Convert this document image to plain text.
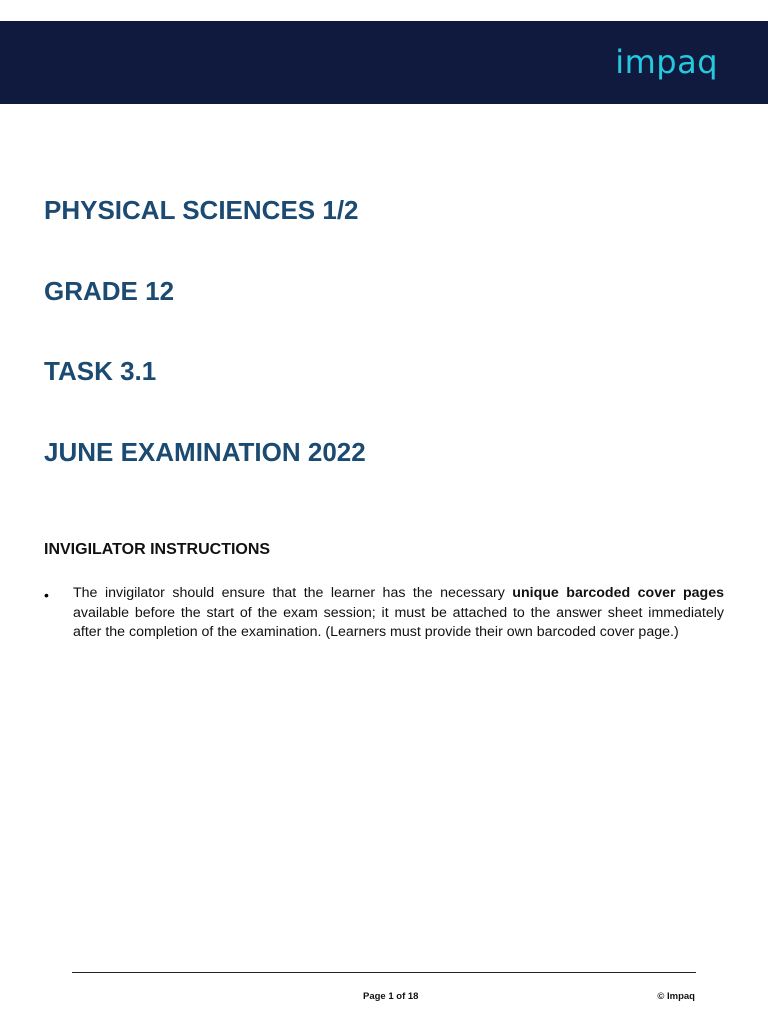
impaq
PHYSICAL SCIENCES 1/2
GRADE 12
TASK 3.1
JUNE EXAMINATION 2022
INVIGILATOR INSTRUCTIONS
• The invigilator should ensure that the learner has the necessary unique barcoded cover pages available before the start of the exam session; it must be attached to the answer sheet immediately after the completion of the examination. (Learners must provide their own barcoded cover page.)

Page 1 of 18	© Impaq
